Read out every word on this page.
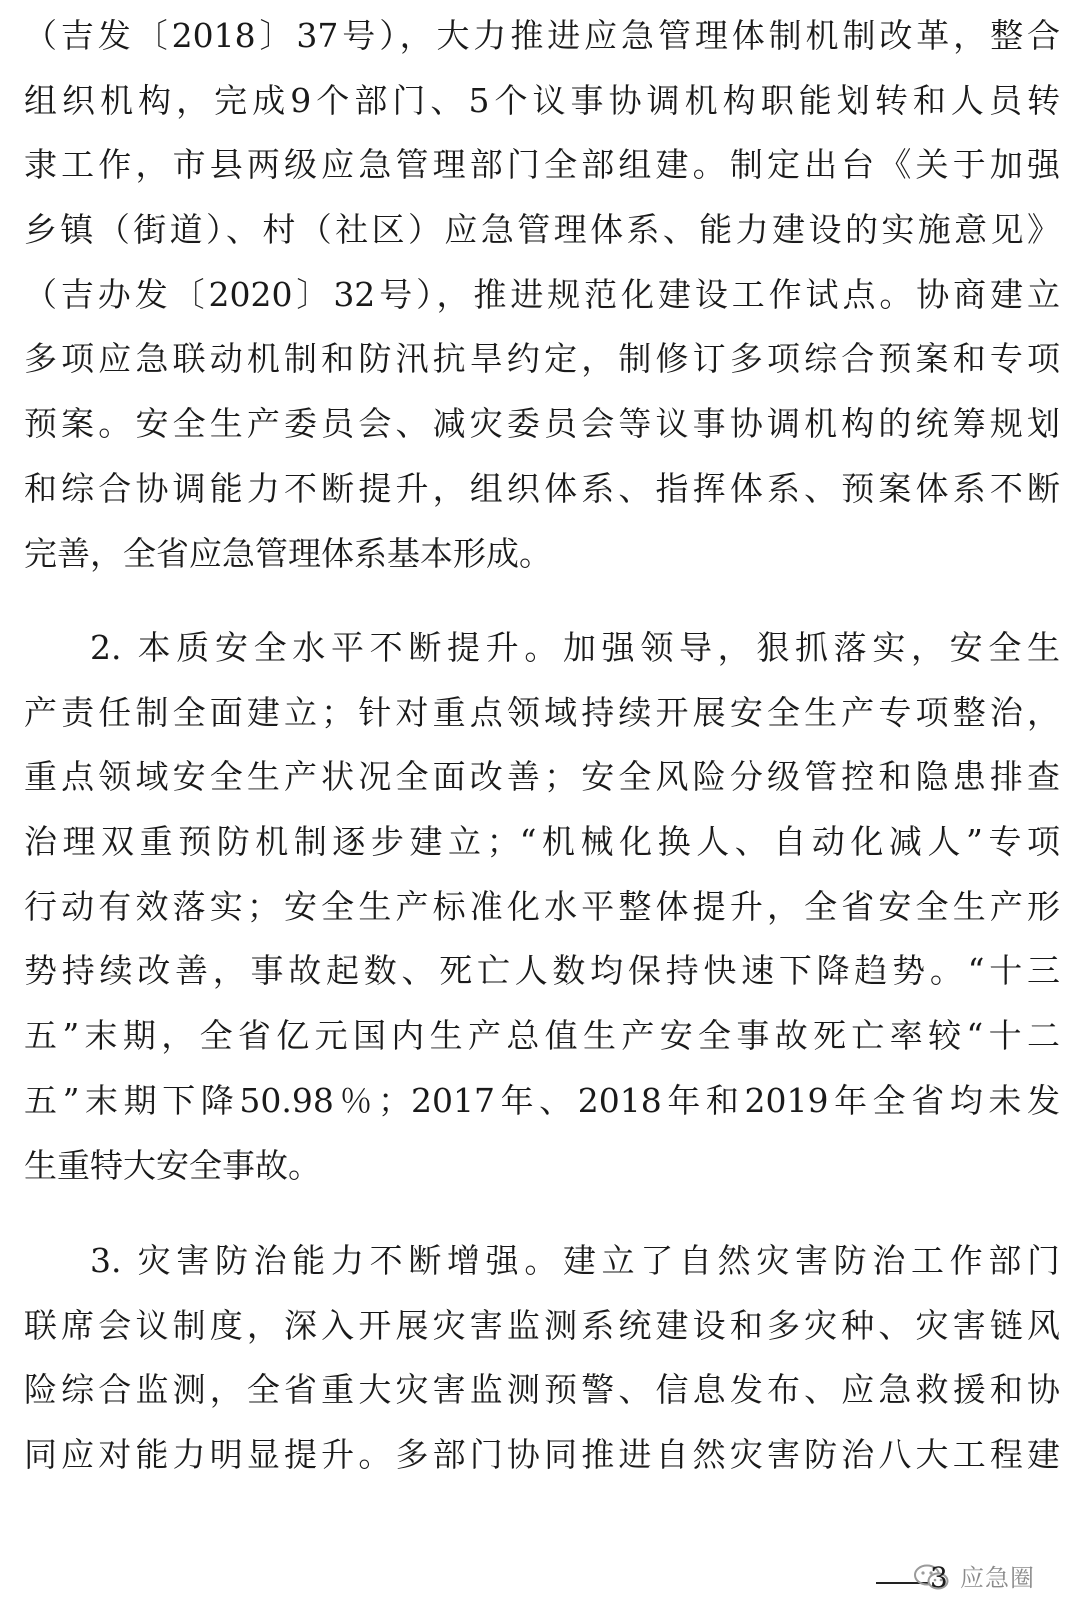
（吉发〔2018〕37号），大力推进应急管理体制机制改革，整合
组织机构，完成9个部门、5个议事协调机构职能划转和人员转
隶工作，市县两级应急管理部门全部组建。制定出台《关于加强
乡镇（街道）、村（社区）应急管理体系、能力建设的实施意见》
（吉办发〔2020〕32号），推进规范化建设工作试点。协商建立
多项应急联动机制和防汛抗旱约定，制修订多项综合预案和专项
预案。安全生产委员会、减灾委员会等议事协调机构的统筹规划
和综合协调能力不断提升，组织体系、指挥体系、预案体系不断
完善，全省应急管理体系基本形成。
2. 本质安全水平不断提升。加强领导，狠抓落实，安全生
产责任制全面建立；针对重点领域持续开展安全生产专项整治，
重点领域安全生产状况全面改善；安全风险分级管控和隐患排查
治理双重预防机制逐步建立；“机械化换人、自动化减人”专项
行动有效落实；安全生产标准化水平整体提升，全省安全生产形
势持续改善，事故起数、死亡人数均保持快速下降趋势。“十三
五”末期，全省亿元国内生产总值生产安全事故死亡率较“十二
五”末期下降50.98％；2017年、2018年和2019年全省均未发
生重特大安全事故。
3. 灾害防治能力不断增强。建立了自然灾害防治工作部门
联席会议制度，深入开展灾害监测系统建设和多灾种、灾害链风
险综合监测，全省重大灾害监测预警、信息发布、应急救援和协
同应对能力明显提升。多部门协同推进自然灾害防治八大工程建
3 应急圈
